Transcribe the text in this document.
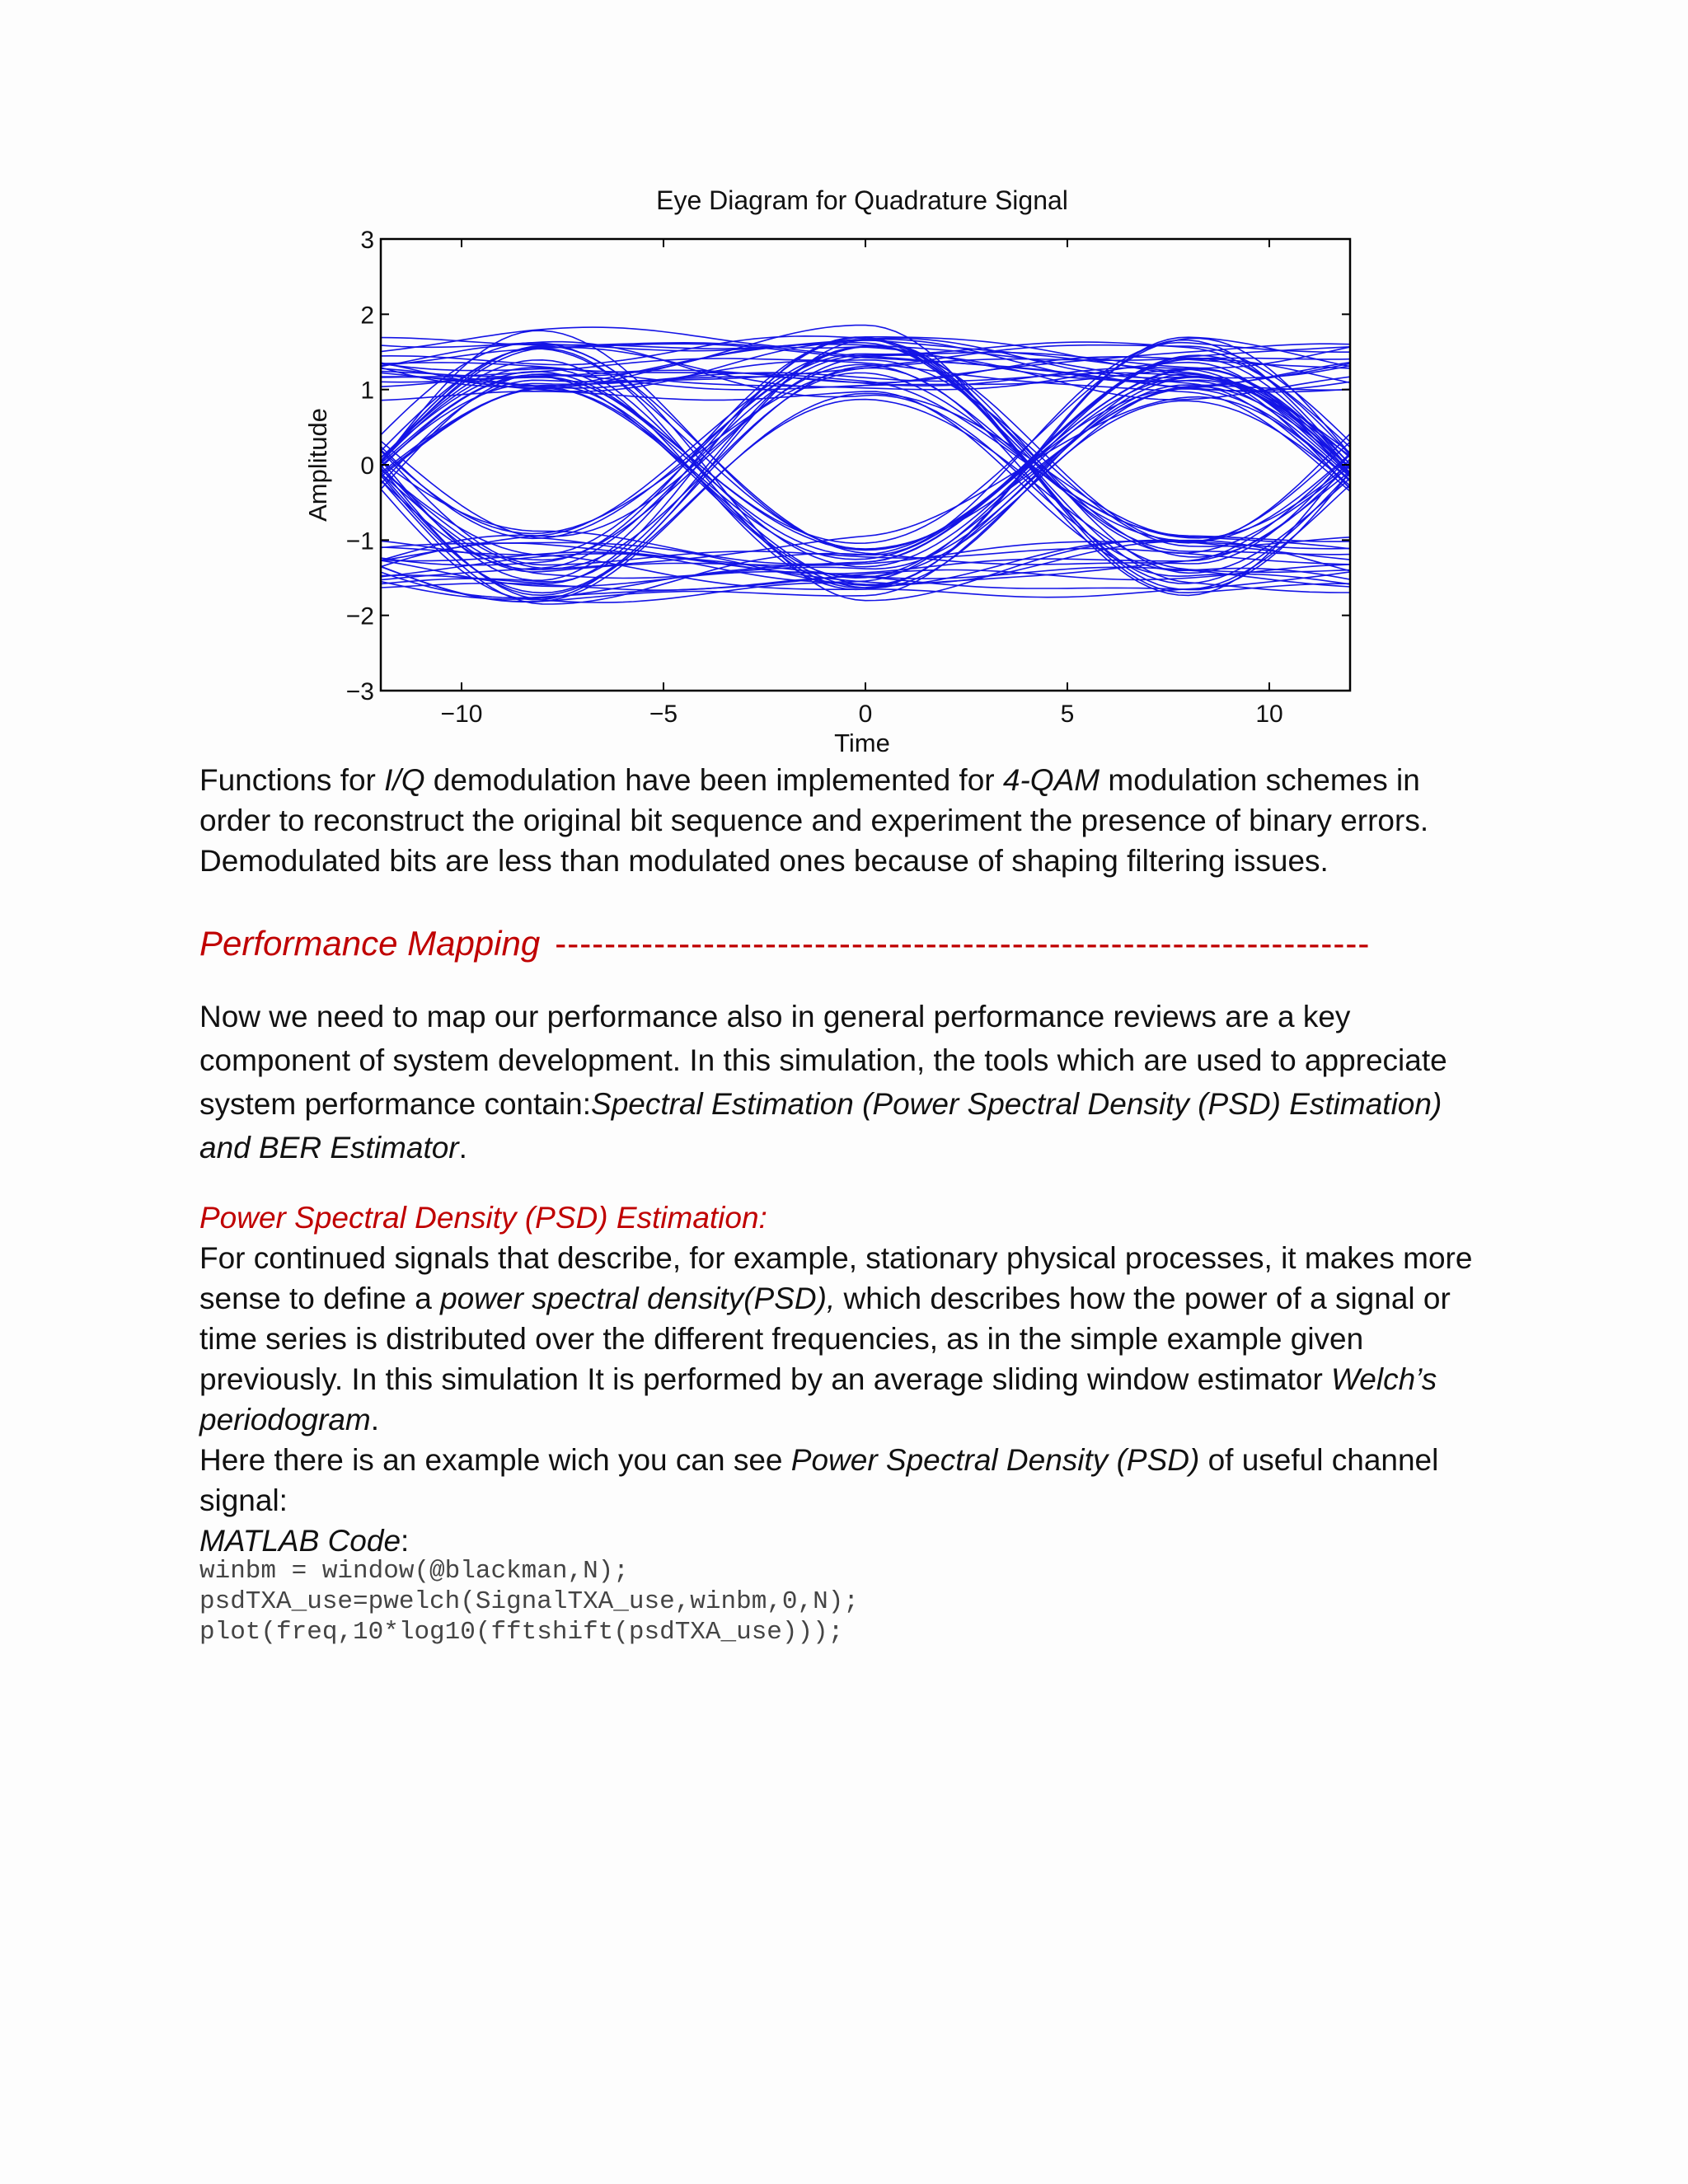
Eye Diagram for Quadrature Signal
−10	−5	0	5	10
3
2
1
0
−1
−2
−3
Time
Amplitude

Functions for I/Q demodulation have been implemented for 4-QAM modulation schemes in order to reconstruct the original bit sequence and experiment the presence of binary errors. Demodulated bits are less than modulated ones because of shaping filtering issues.

Performance Mapping ------------------------------------------------------------------

Now we need to map our performance also in general performance reviews are a key component of system development. In this simulation, the tools which are used to appreciate system performance contain:Spectral Estimation (Power Spectral Density (PSD) Estimation) and BER Estimator.

Power Spectral Density (PSD) Estimation:
For continued signals that describe, for example, stationary physical processes, it makes more sense to define a power spectral density(PSD), which describes how the power of a signal or time series is distributed over the different frequencies, as in the simple example given previously. In this simulation It is performed by an average sliding window estimator Welch’s periodogram.
Here there is an example wich you can see Power Spectral Density (PSD) of useful channel signal:
MATLAB Code:

winbm = window(@blackman,N);
psdTXA_use=pwelch(SignalTXA_use,winbm,0,N);
plot(freq,10*log10(fftshift(psdTXA_use)));
